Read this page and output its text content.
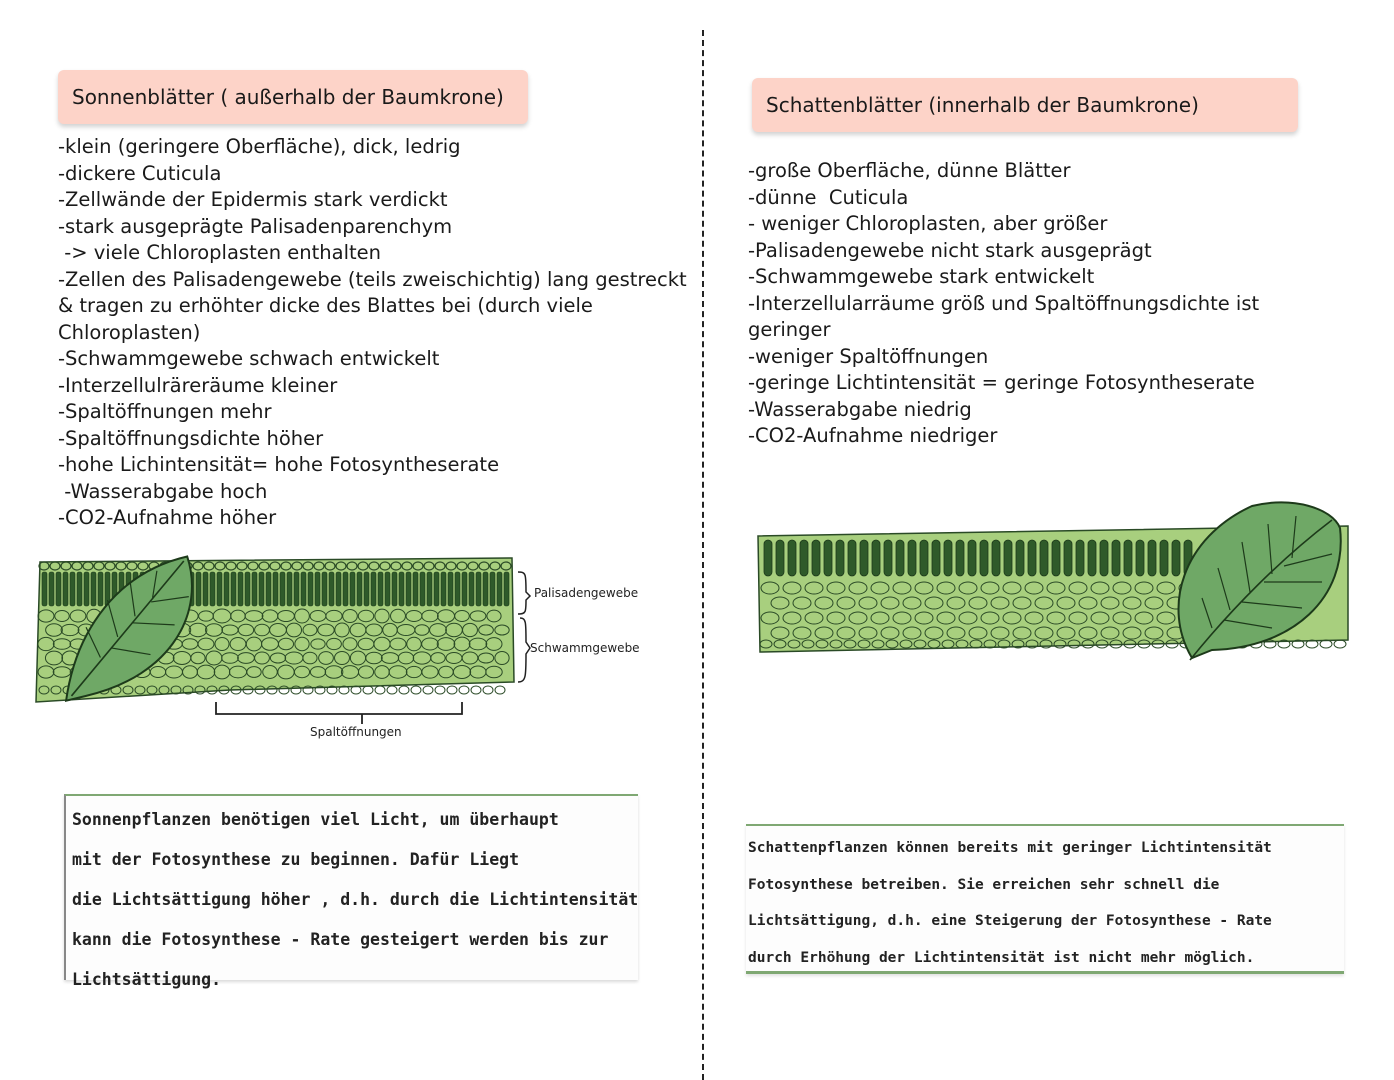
Sonnenblätter ( außerhalb der Baumkrone)
-klein (geringere Oberfläche), dick, ledrig
-dickere Cuticula
-Zellwände der Epidermis stark verdickt
-stark ausgeprägte Palisadenparenchym
-> viele Chloroplasten enthalten
-Zellen des Palisadengewebe (teils zweischichtig) lang gestreckt
& tragen zu erhöhter dicke des Blattes bei (durch viele
Chloroplasten)
-Schwammgewebe schwach entwickelt
-Interzellulräreräume kleiner
-Spaltöffnungen mehr
-Spaltöffnungsdichte höher
-hohe Lichintensität= hohe Fotosyntheserate
-Wasserabgabe hoch
-CO2-Aufnahme höher
Palisadengewebe
Schwammgewebe
Spaltöffnungen

Sonnenpflanzen benötigen viel Licht, um überhaupt

mit der Fotosynthese zu beginnen. Dafür Liegt

die Lichtsättigung höher , d.h. durch die Lichtintensität

kann die Fotosynthese - Rate gesteigert werden bis zur

Lichtsättigung.

Schattenblätter (innerhalb der Baumkrone)
-große Oberfläche, dünne Blätter
-dünne  Cuticula
- weniger Chloroplasten, aber größer
-Palisadengewebe nicht stark ausgeprägt
-Schwammgewebe stark entwickelt
-Interzellularräume größ und Spaltöffnungsdichte ist
geringer
-weniger Spaltöffnungen
-geringe Lichtintensität = geringe Fotosyntheserate
-Wasserabgabe niedrig
-CO2-Aufnahme niedriger

Schattenpflanzen können bereits mit geringer Lichtintensität

Fotosynthese betreiben. Sie erreichen sehr schnell die

Lichtsättigung, d.h. eine Steigerung der Fotosynthese - Rate

durch Erhöhung der Lichtintensität ist nicht mehr möglich.
